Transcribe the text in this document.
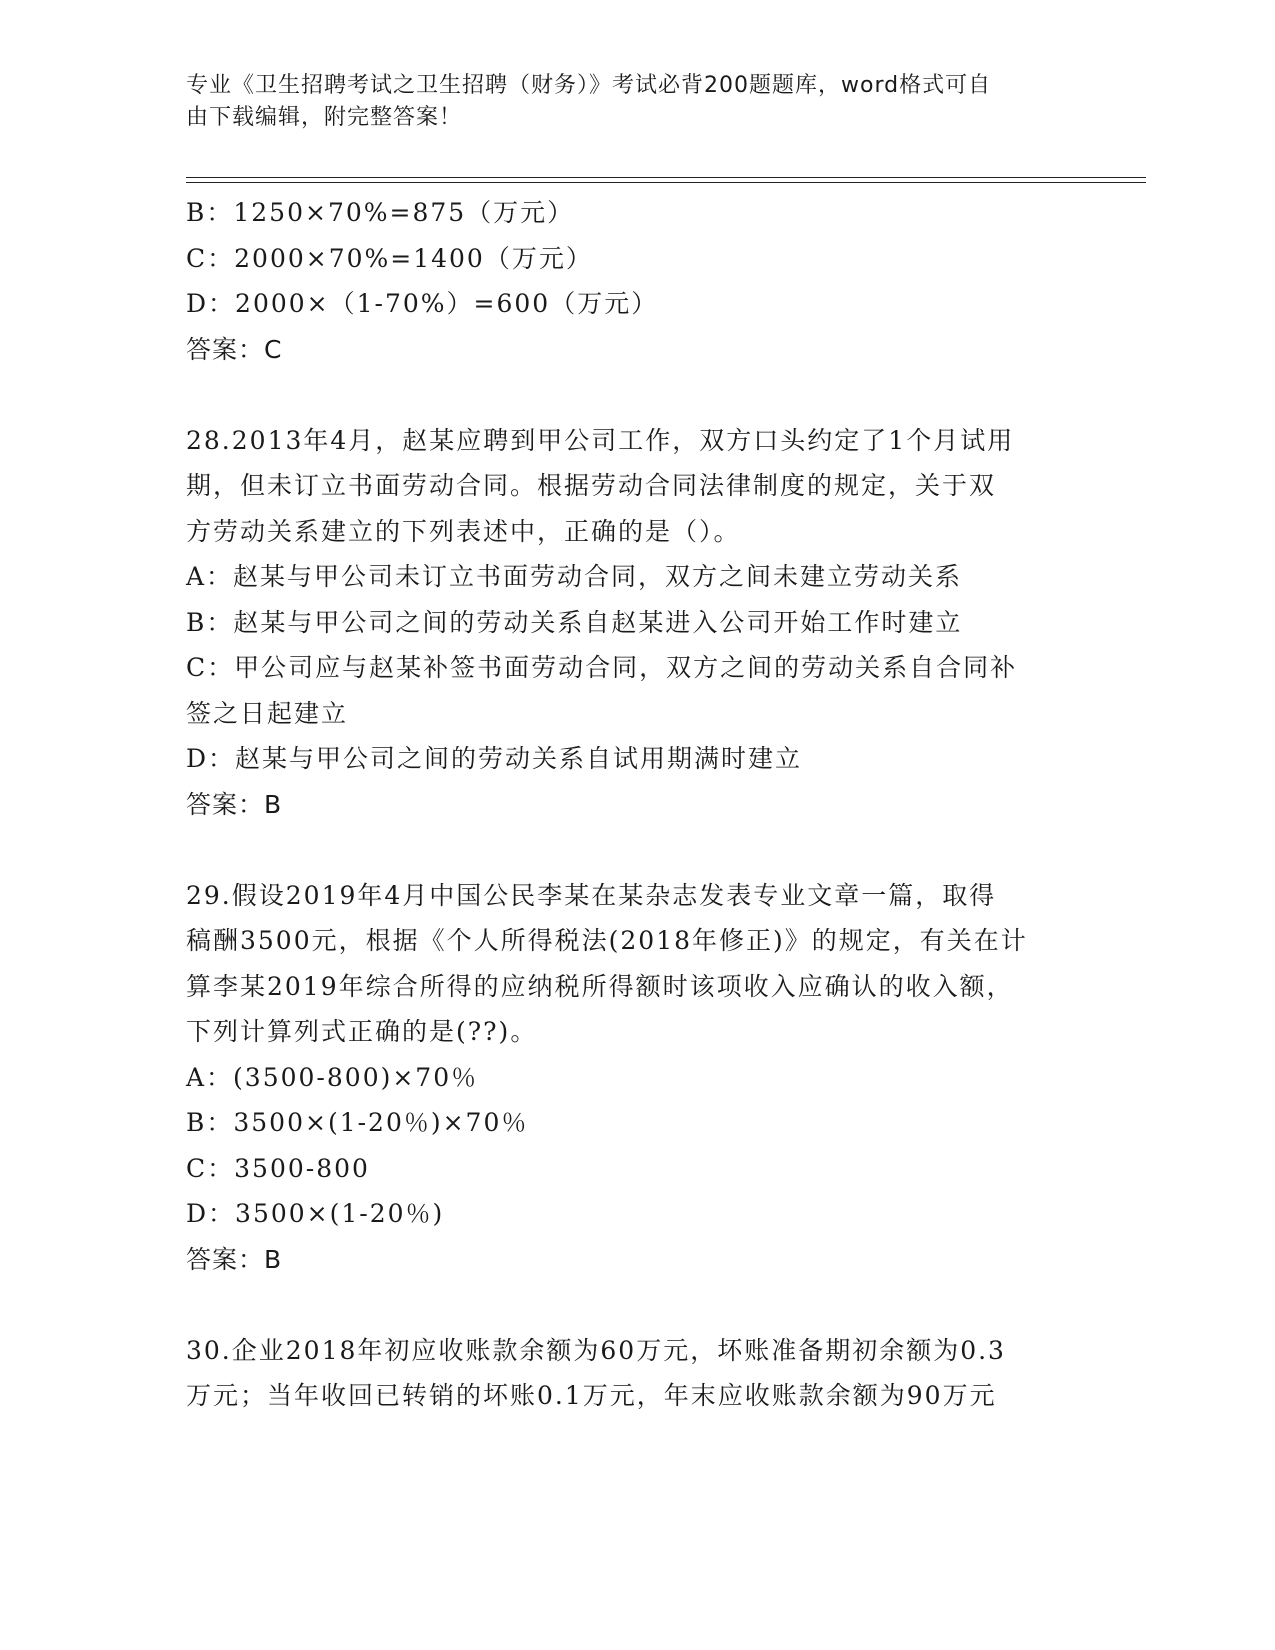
专业《卫生招聘考试之卫生招聘（财务）》考试必背200题题库，word格式可自
由下载编辑，附完整答案！
B：1250×70%=875（万元）
C：2000×70%=1400（万元）
D：2000×（1-70%）=600（万元）
答案：C
28.2013年4月，赵某应聘到甲公司工作，双方口头约定了1个月试用
期，但未订立书面劳动合同。根据劳动合同法律制度的规定，关于双
方劳动关系建立的下列表述中，正确的是（）。
A：赵某与甲公司未订立书面劳动合同，双方之间未建立劳动关系
B：赵某与甲公司之间的劳动关系自赵某进入公司开始工作时建立
C：甲公司应与赵某补签书面劳动合同，双方之间的劳动关系自合同补
签之日起建立
D：赵某与甲公司之间的劳动关系自试用期满时建立
答案：B
29.假设2019年4月中国公民李某在某杂志发表专业文章一篇，取得
稿酬3500元，根据《个人所得税法(2018年修正)》的规定，有关在计
算李某2019年综合所得的应纳税所得额时该项收入应确认的收入额，
下列计算列式正确的是(??)。
A：(3500-800)×70％
B：3500×(1-20％)×70％
C：3500-800
D：3500×(1-20％)
答案：B
30.企业2018年初应收账款余额为60万元，坏账准备期初余额为0.3
万元；当年收回已转销的坏账0.1万元，年末应收账款余额为90万元
